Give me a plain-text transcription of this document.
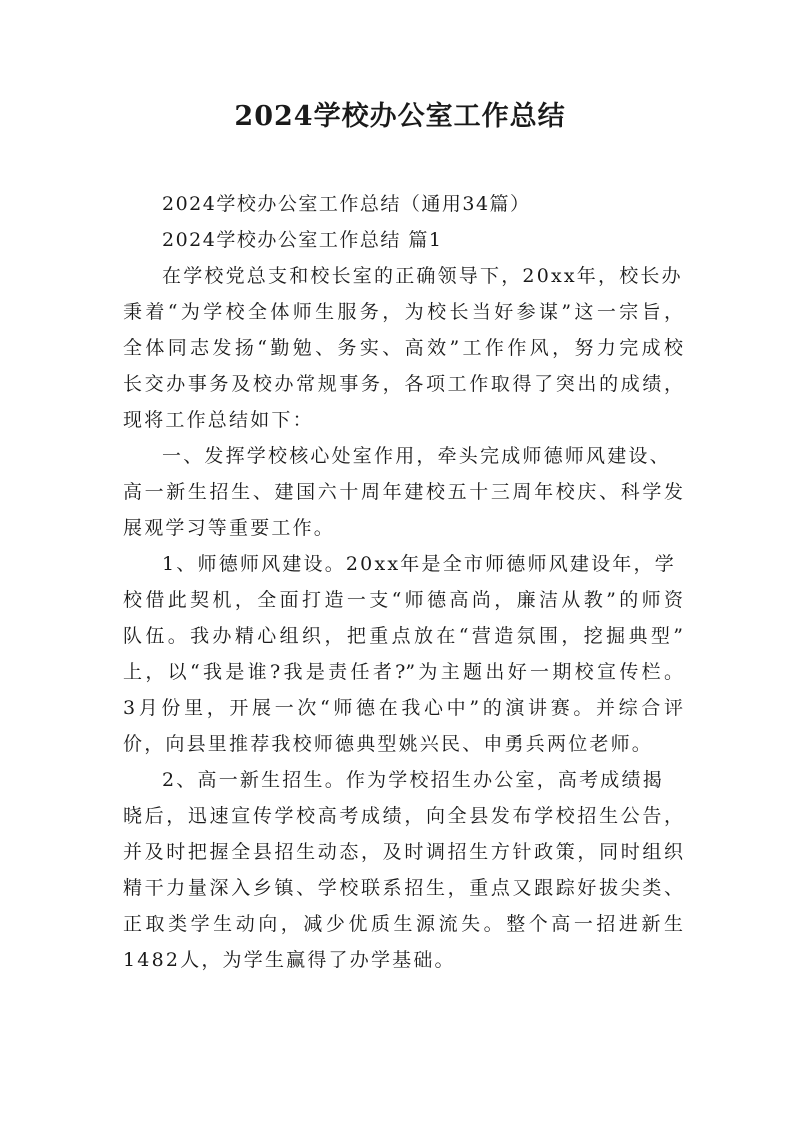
2024学校办公室工作总结
2024学校办公室工作总结（通用34篇）
2024学校办公室工作总结 篇1
在学校党总支和校长室的正确领导下，20xx年，校长办
秉着“为学校全体师生服务，为校长当好参谋”这一宗旨，
全体同志发扬“勤勉、务实、高效”工作作风，努力完成校
长交办事务及校办常规事务，各项工作取得了突出的成绩，
现将工作总结如下：
一、发挥学校核心处室作用，牵头完成师德师风建设、
高一新生招生、建国六十周年建校五十三周年校庆、科学发
展观学习等重要工作。
1、师德师风建设。20xx年是全市师德师风建设年，学
校借此契机，全面打造一支“师德高尚，廉洁从教”的师资
队伍。我办精心组织，把重点放在“营造氛围，挖掘典型”
上，以“我是谁?我是责任者?”为主题出好一期校宣传栏。
3月份里，开展一次“师德在我心中”的演讲赛。并综合评
价，向县里推荐我校师德典型姚兴民、申勇兵两位老师。
2、高一新生招生。作为学校招生办公室，高考成绩揭
晓后，迅速宣传学校高考成绩，向全县发布学校招生公告，
并及时把握全县招生动态，及时调招生方针政策，同时组织
精干力量深入乡镇、学校联系招生，重点又跟踪好拔尖类、
正取类学生动向，减少优质生源流失。整个高一招进新生
1482人，为学生赢得了办学基础。
